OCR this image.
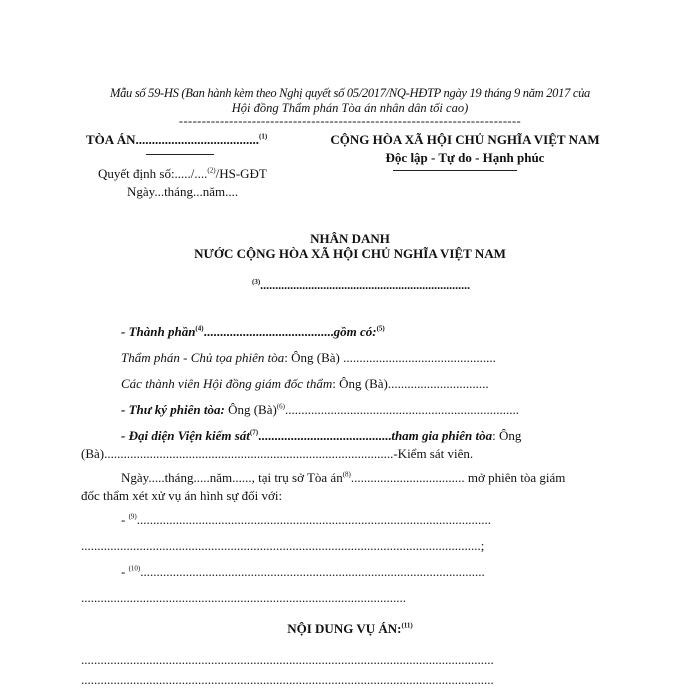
Mẫu số 59-HS (Ban hành kèm theo Nghị quyết số 05/2017/NQ-HĐTP ngày 19 tháng 9 năm 2017 của
Hội đồng Thẩm phán Tòa án nhân dân tối cao)
---------------------------------------------------------------------------
TÒA ÁN......................................$^{(1)}$
Quyết định số:...../....$^{(2)}$/HS-GĐT
Ngày...tháng...năm....
CỘNG HÒA XÃ HỘI CHỦ NGHĨA VIỆT NAM
Độc lập - Tự do - Hạnh phúc
NHÂN DANH
NƯỚC CỘNG HÒA XÃ HỘI CHỦ NGHĨA VIỆT NAM
$^{(3)}$......................................................................
- Thành phần$^{(4)}$........................................gồm có:$^{(5)}$
Thẩm phán - Chủ tọa phiên tòa: Ông (Bà) ...............................................
Các thành viên Hội đồng giám đốc thẩm: Ông (Bà)...............................
- Thư ký phiên tòa: Ông (Bà)$^{(6)}$........................................................................
- Đại diện Viện kiểm sát$^{(7)}$.........................................tham gia phiên tòa: Ông
(Bà).........................................................................................-Kiểm sát viên.
Ngày.....tháng.....năm......, tại trụ sở Tòa $án^{(8)}$................................... mở phiên tòa giám
đốc thẩm xét xử vụ án hình sự đối với:
- $^{(9)}$.............................................................................................................
...........................................................................................................................;
- $^{(10)}$..........................................................................................................
....................................................................................................
NỘI DUNG VỤ ÁN:$^{(11)}$
...............................................................................................................................
...............................................................................................................................
